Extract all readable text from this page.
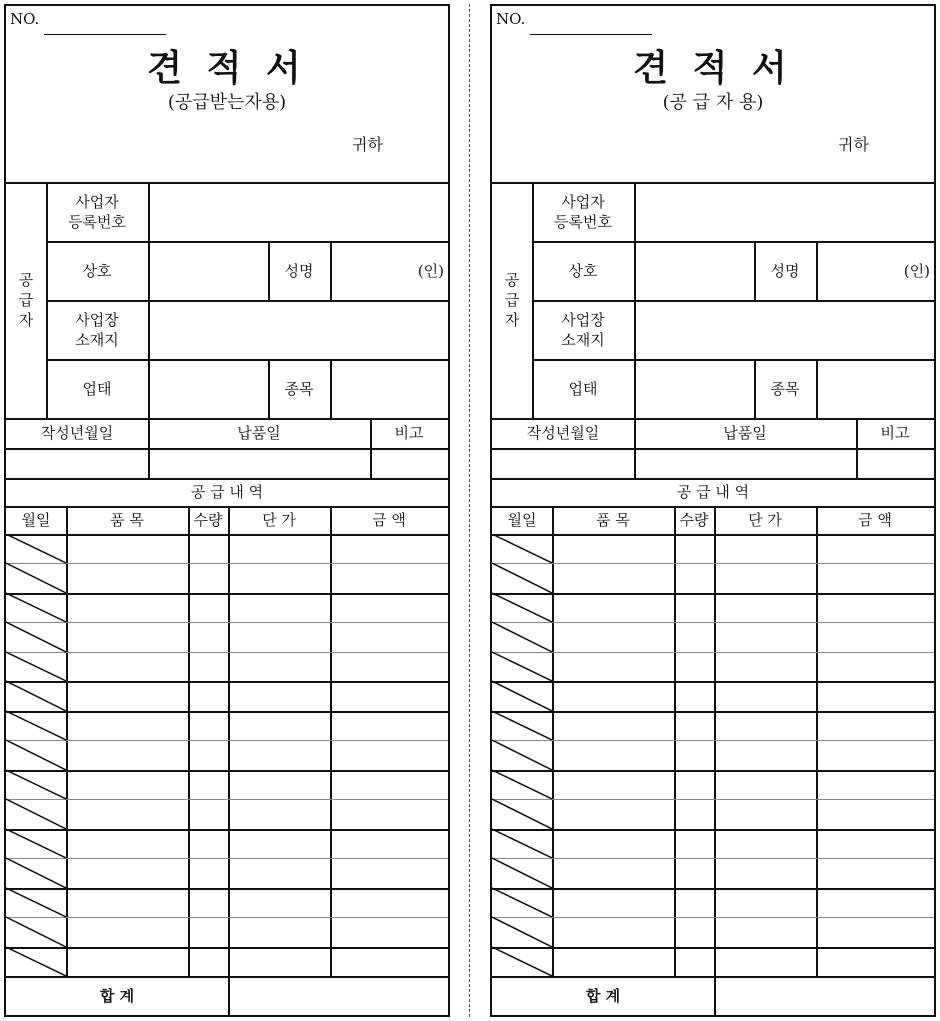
NO.
견 적 서
(공급받는자용)
귀하
공
급
자
사업자
등록번호
상호	성명	(인)
사업장
소재지
업태	종목
작성년월일	납품일	비고
공 급 내 역
월일	품 목	수량	단 가	금 액
합 계
NO.
견 적 서
(공 급 자 용)
귀하
공
급
자
사업자
등록번호
상호	성명	(인)
사업장
소재지
업태	종목
작성년월일	납품일	비고
공 급 내 역
월일	품 목	수량	단 가	금 액
합 계
